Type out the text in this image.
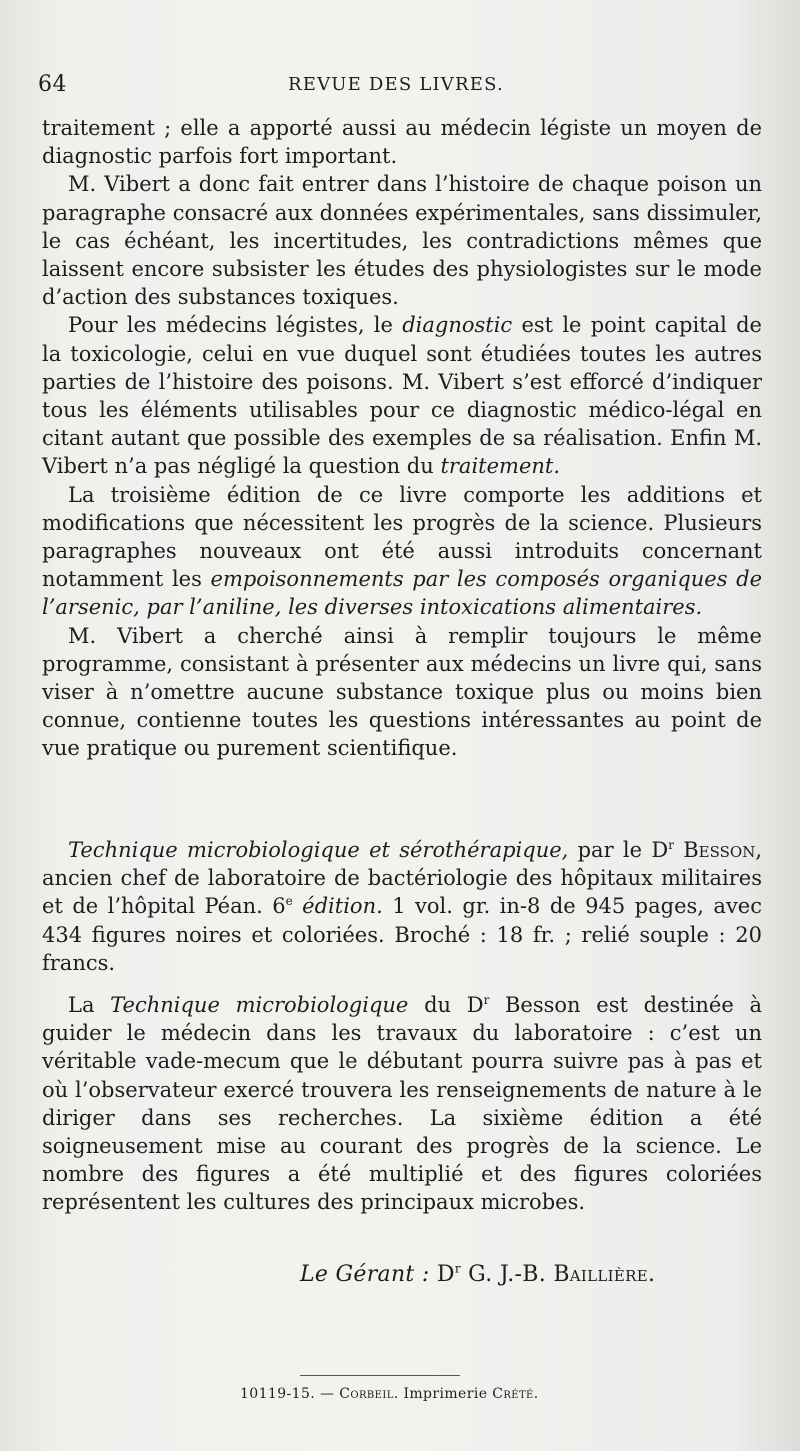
64	REVUE DES LIVRES.

traitement ; elle a apporté aussi au médecin légiste un moyen de diagnostic parfois fort important.

M. Vibert a donc fait entrer dans l’histoire de chaque poison un paragraphe consacré aux données expérimentales, sans dissimuler, le cas échéant, les incertitudes, les contradictions mêmes que laissent encore subsister les études des physiologistes sur le mode d’action des substances toxiques.

Pour les médecins légistes, le diagnostic est le point capital de la toxicologie, celui en vue duquel sont étudiées toutes les autres parties de l’histoire des poisons. M. Vibert s’est efforcé d’indiquer tous les éléments utilisables pour ce diagnostic médico-légal en citant autant que possible des exemples de sa réalisation. Enfin M. Vibert n’a pas négligé la question du traitement.

La troisième édition de ce livre comporte les additions et modifications que nécessitent les progrès de la science. Plusieurs paragraphes nouveaux ont été aussi introduits concernant notamment les empoisonnements par les composés organiques de l’arsenic, par l’aniline, les diverses intoxications alimentaires.

M. Vibert a cherché ainsi à remplir toujours le même programme, consistant à présenter aux médecins un livre qui, sans viser à n’omettre aucune substance toxique plus ou moins bien connue, contienne toutes les questions intéressantes au point de vue pratique ou purement scientifique.

Technique microbiologique et sérothérapique, par le $D^r$ Besson, ancien chef de laboratoire de bactériologie des hôpitaux militaires et de l’hôpital Péan. 6e édition. 1 vol. gr. in-8 de 945 pages, avec 434 figures noires et coloriées. Broché : 18 fr. ; relié souple : 20 francs.

La Technique microbiologique du $D^r$ Besson est destinée à guider le médecin dans les travaux du laboratoire : c’est un véritable vade-mecum que le débutant pourra suivre pas à pas et où l’observateur exercé trouvera les renseignements de nature à le diriger dans ses recherches. La sixième édition a été soigneusement mise au courant des progrès de la science. Le nombre des figures a été multiplié et des figures coloriées représentent les cultures des principaux microbes.

Le Gérant : $D^r$ G. J.-B. Baillière.
10119-15. — Corbeil. Imprimerie Crété.
